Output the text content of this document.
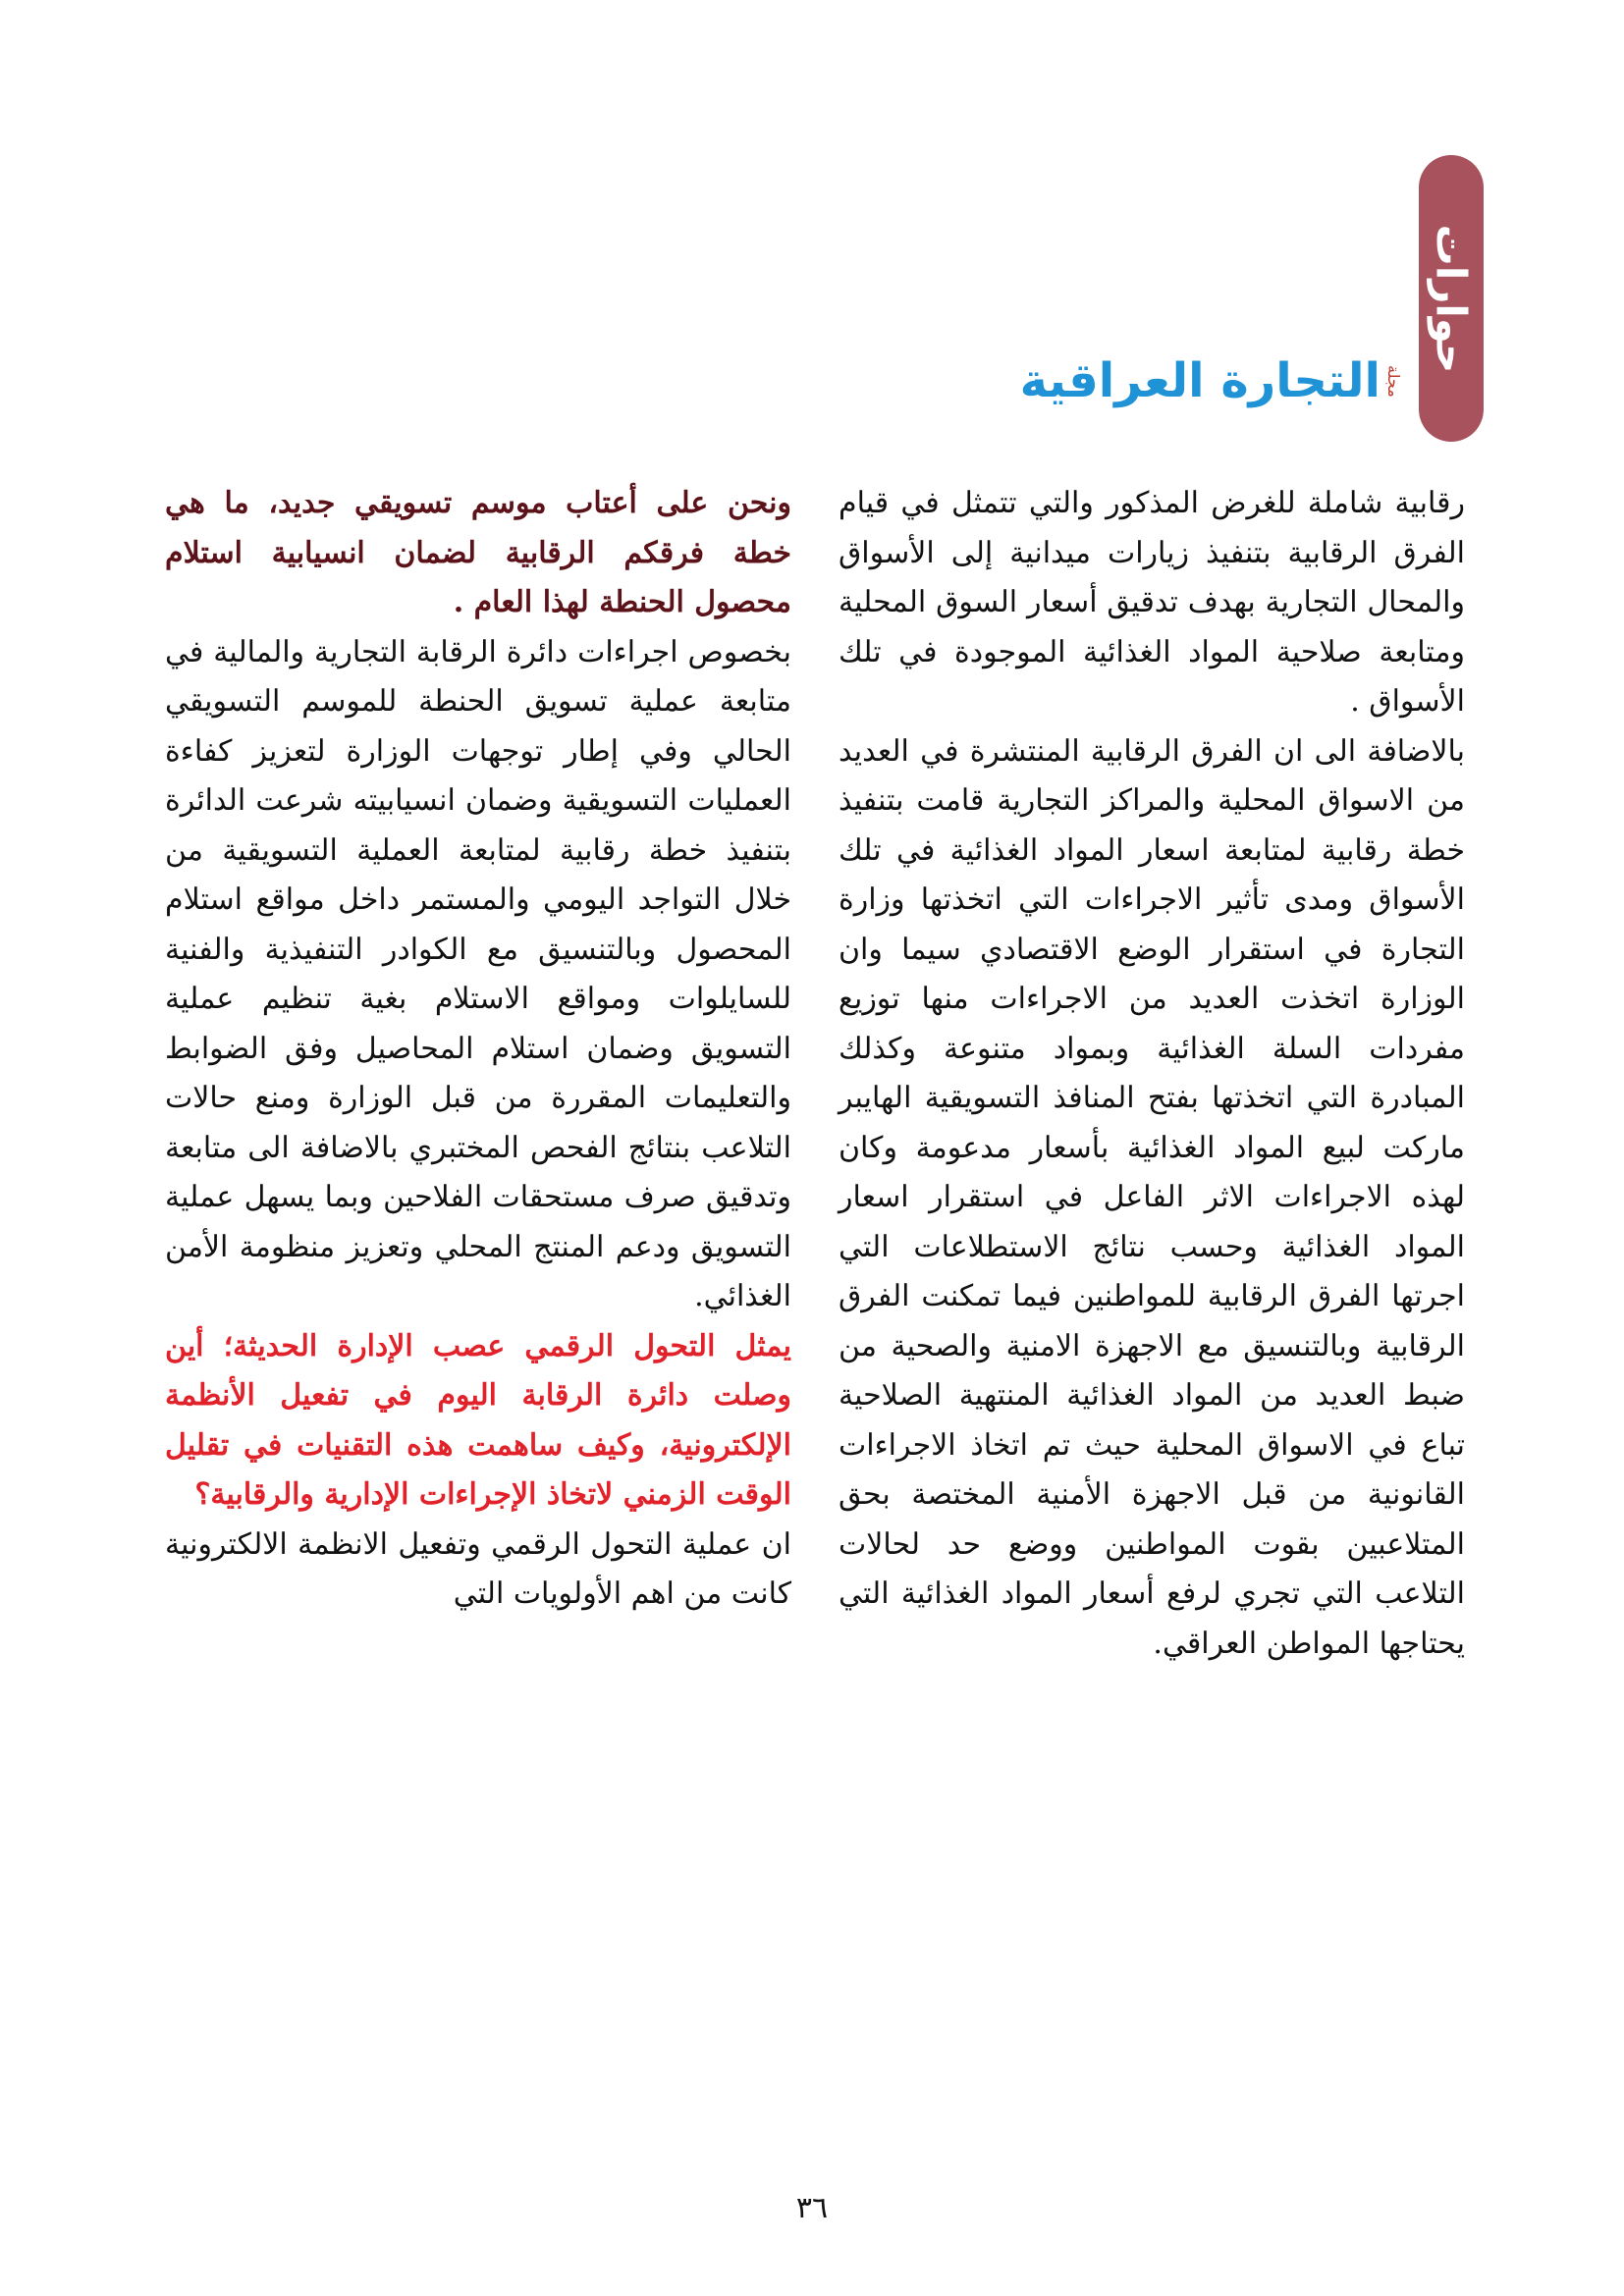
حوارات
مجلة
التجارة العراقية

رقابية شاملة للغرض المذكور والتي تتمثل في قيام الفرق الرقابية بتنفيذ زيارات ميدانية إلى الأسواق والمحال التجارية بهدف تدقيق أسعار السوق المحلية ومتابعة صلاحية المواد الغذائية الموجودة في تلك الأسواق .

بالاضافة الى ان الفرق الرقابية المنتشرة في العديد من الاسواق المحلية والمراكز التجارية قامت بتنفيذ خطة رقابية لمتابعة اسعار المواد الغذائية في تلك الأسواق ومدى تأثير الاجراءات التي اتخذتها وزارة التجارة في استقرار الوضع الاقتصادي سيما وان الوزارة اتخذت العديد من الاجراءات منها توزيع مفردات السلة الغذائية وبمواد متنوعة وكذلك المبادرة التي اتخذتها بفتح المنافذ التسويقية الهايبر ماركت لبيع المواد الغذائية بأسعار مدعومة وكان لهذه الاجراءات الاثر الفاعل في استقرار اسعار المواد الغذائية وحسب نتائج الاستطلاعات التي اجرتها الفرق الرقابية للمواطنين فيما تمكنت الفرق الرقابية وبالتنسيق مع الاجهزة الامنية والصحية من ضبط العديد من المواد الغذائية المنتهية الصلاحية تباع في الاسواق المحلية حيث تم اتخاذ الاجراءات القانونية من قبل الاجهزة الأمنية المختصة بحق المتلاعبين بقوت المواطنين ووضع حد لحالات التلاعب التي تجري لرفع أسعار المواد الغذائية التي يحتاجها المواطن العراقي.

ونحن على أعتاب موسم تسويقي جديد، ما هي خطة فرقكم الرقابية لضمان انسيابية استلام محصول الحنطة لهذا العام .

بخصوص اجراءات دائرة الرقابة التجارية والمالية في متابعة عملية تسويق الحنطة للموسم التسويقي الحالي وفي إطار توجهات الوزارة لتعزيز كفاءة العمليات التسويقية وضمان انسيابيته شرعت الدائرة بتنفيذ خطة رقابية لمتابعة العملية التسويقية من خلال التواجد اليومي والمستمر داخل مواقع استلام المحصول وبالتنسيق مع الكوادر التنفيذية والفنية للسايلوات ومواقع الاستلام بغية تنظيم عملية التسويق وضمان استلام المحاصيل وفق الضوابط والتعليمات المقررة من قبل الوزارة ومنع حالات التلاعب بنتائج الفحص المختبري بالاضافة الى متابعة وتدقيق صرف مستحقات الفلاحين وبما يسهل عملية التسويق ودعم المنتج المحلي وتعزيز منظومة الأمن الغذائي.

يمثل التحول الرقمي عصب الإدارة الحديثة؛ أين وصلت دائرة الرقابة اليوم في تفعيل الأنظمة الإلكترونية، وكيف ساهمت هذه التقنيات في تقليل الوقت الزمني لاتخاذ الإجراءات الإدارية والرقابية؟

ان عملية التحول الرقمي وتفعيل الانظمة الالكترونية كانت من اهم الأولويات التي

٣٦
